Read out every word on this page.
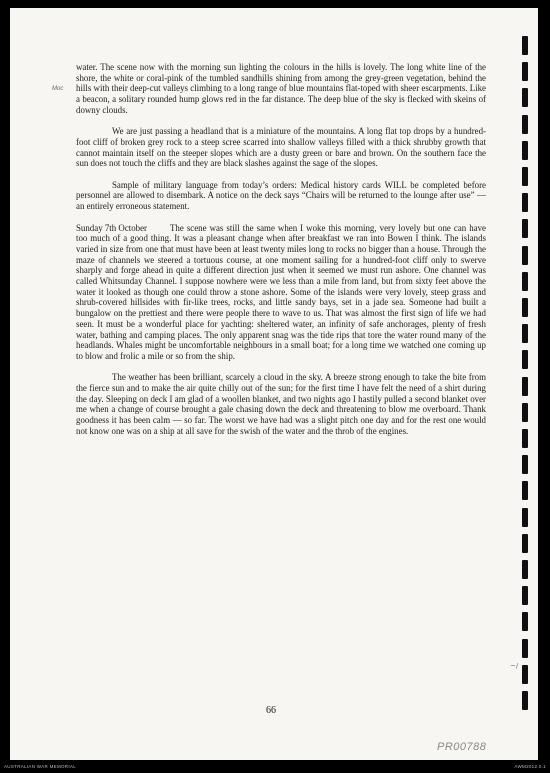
Moc

water. The scene now with the morning sun lighting the colours in the hills is lovely. The long white line of the shore, the white or coral-pink of the tumbled sandhills shining from among the grey-green vegetation, behind the hills with their deep-cut valleys climbing to a long range of blue mountains flat-toped with sheer escarpments. Like a beacon, a solitary rounded hump glows red in the far distance. The deep blue of the sky is flecked with skeins of downy clouds.

We are just passing a headland that is a miniature of the mountains. A long flat top drops by a hundred-foot cliff of broken grey rock to a steep scree scarred into shallow valleys filled with a thick shrubby growth that cannot maintain itself on the steeper slopes which are a dusty green or bare and brown. On the southern face the sun does not touch the cliffs and they are black slashes against the sage of the slopes.

Sample of military language from today’s orders: Medical history cards WILL be completed before personnel are allowed to disembark. A notice on the deck says “Chairs will be returned to the lounge after use” — an entirely erroneous statement.

Sunday 7th October	The scene was still the same when I woke this morning, very lovely but one can have too much of a good thing. It was a pleasant change when after breakfast we ran into Bowen I think. The islands varied in size from one that must have been at least twenty miles long to rocks no bigger than a house. Through the maze of channels we steered a tortuous course, at one moment sailing for a hundred-foot cliff only to swerve sharply and forge ahead in quite a different direction just when it seemed we must run ashore. One channel was called Whitsunday Channel. I suppose nowhere were we less than a mile from land, but from sixty feet above the water it looked as though one could throw a stone ashore. Some of the islands were very lovely, steep grass and shrub-covered hillsides with fir-like trees, rocks, and little sandy bays, set in a jade sea. Someone had built a bungalow on the prettiest and there were people there to wave to us. That was almost the first sign of life we had seen. It must be a wonderful place for yachting: sheltered water, an infinity of safe anchorages, plenty of fresh water, bathing and camping places. The only apparent snag was the tide rips that tore the water round many of the headlands. Whales might be uncomfortable neighbours in a small boat; for a long time we watched one coming up to blow and frolic a mile or so from the ship.

The weather has been brilliant, scarcely a cloud in the sky. A breeze strong enough to take the bite from the fierce sun and to make the air quite chilly out of the sun; for the first time I have felt the need of a shirt during the day. Sleeping on deck I am glad of a woollen blanket, and two nights ago I hastily pulled a second blanket over me when a change of course brought a gale chasing down the deck and threatening to blow me overboard. Thank goodness it has been calm — so far. The worst we have had was a slight pitch one day and for the rest one would not know one was on a ship at all save for the swish of the water and the throb of the engines.

66
~/
PR00788
AUSTRALIAN WAR MEMORIAL	AWM2012.0.1
